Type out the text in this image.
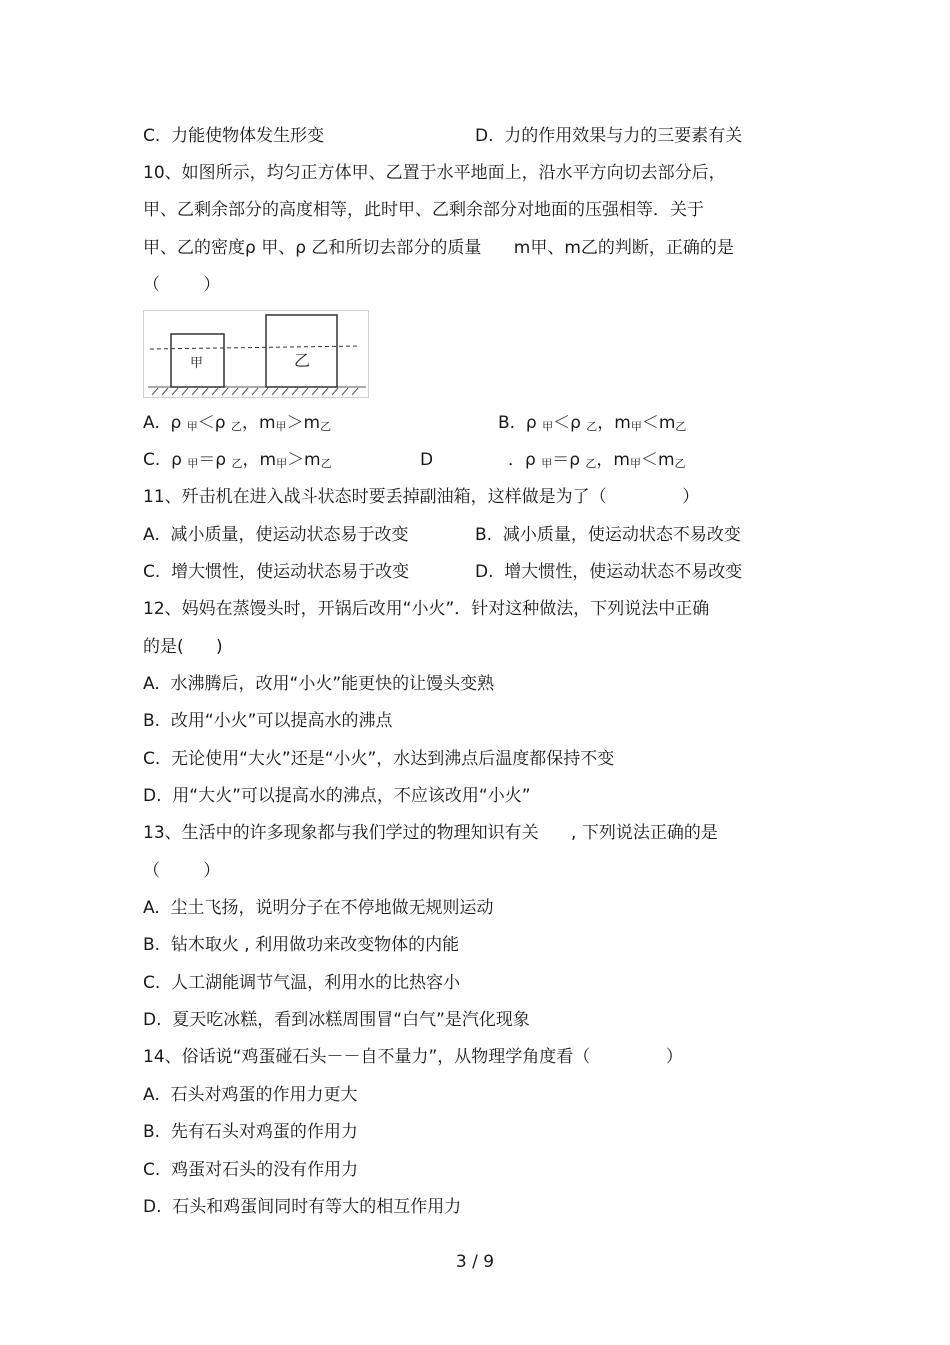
C.  力能使物体发生形变	D.  力的作用效果与力的三要素有关
10、如图所示，均匀正方体甲、乙置于水平地面上，沿水平方向切去部分后，
甲、乙剩余部分的高度相等，此时甲、乙剩余部分对地面的压强相等．关于
甲、乙的密度ρ 甲、ρ 乙和所切去部分的质量      m甲、m乙的判断，正确的是
（        ）
甲	乙
A. ρ $_甲$＜ρ $_乙$，$m_甲>m_乙$	B. ρ $_甲$＜ρ $_乙$，$m_甲<m_乙$
C. ρ $_甲$＝ρ $_乙$，$m_甲>m_乙$	D	．ρ $_甲$＝ρ $_乙$，$m_甲<m_乙$
11、歼击机在进入战斗状态时要丢掉副油箱，这样做是为了（              ）
A.  减小质量，使运动状态易于改变	B.  减小质量，使运动状态不易改变
C.  增大惯性，使运动状态易于改变	D.  增大惯性，使运动状态不易改变
12、妈妈在蒸馒头时，开锅后改用“小火”．针对这种做法，下列说法中正确
的是(      )
A.  水沸腾后，改用“小火”能更快的让馒头变熟
B.  改用“小火”可以提高水的沸点
C.  无论使用“大火”还是“小火”，水达到沸点后温度都保持不变
D.  用“大火”可以提高水的沸点，不应该改用“小火”
13、生活中的许多现象都与我们学过的物理知识有关      , 下列说法正确的是
（        ）
A.  尘土飞扬，说明分子在不停地做无规则运动
B.  钻木取火 , 利用做功来改变物体的内能
C.  人工湖能调节气温，利用水的比热容小
D.  夏天吃冰糕，看到冰糕周围冒“白气”是汽化现象
14、俗话说“鸡蛋碰石头－－自不量力”，从物理学角度看（              ）
A.  石头对鸡蛋的作用力更大
B.  先有石头对鸡蛋的作用力
C.  鸡蛋对石头的没有作用力
D.  石头和鸡蛋间同时有等大的相互作用力
3 / 9
